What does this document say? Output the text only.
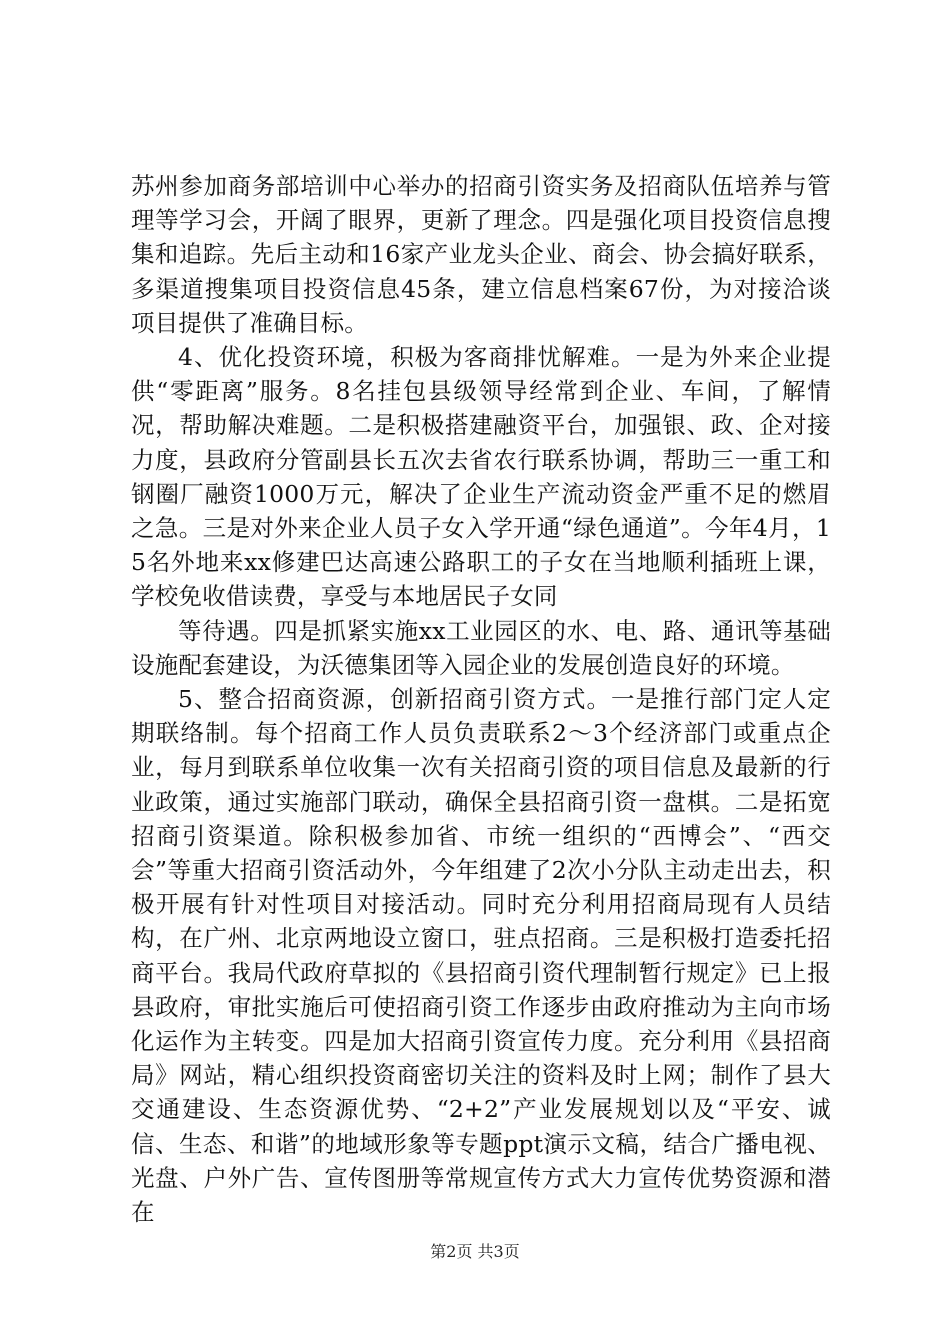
苏州参加商务部培训中心举办的招商引资实务及招商队伍培养与管理等学习会，开阔了眼界，更新了理念。四是强化项目投资信息搜集和追踪。先后主动和16家产业龙头企业、商会、协会搞好联系，多渠道搜集项目投资信息45条，建立信息档案67份，为对接洽谈项目提供了准确目标。

4、优化投资环境，积极为客商排忧解难。一是为外来企业提供“零距离”服务。8名挂包县级领导经常到企业、车间，了解情况，帮助解决难题。二是积极搭建融资平台，加强银、政、企对接力度，县政府分管副县长五次去省农行联系协调，帮助三一重工和钢圈厂融资1000万元，解决了企业生产流动资金严重不足的燃眉之急。三是对外来企业人员子女入学开通“绿色通道”。今年4月，15名外地来xx修建巴达高速公路职工的子女在当地顺利插班上课，学校免收借读费，享受与本地居民子女同

等待遇。四是抓紧实施xx工业园区的水、电、路、通讯等基础设施配套建设，为沃德集团等入园企业的发展创造良好的环境。

5、整合招商资源，创新招商引资方式。一是推行部门定人定期联络制。每个招商工作人员负责联系2～3个经济部门或重点企业，每月到联系单位收集一次有关招商引资的项目信息及最新的行业政策，通过实施部门联动，确保全县招商引资一盘棋。二是拓宽招商引资渠道。除积极参加省、市统一组织的“西博会”、“西交会”等重大招商引资活动外，今年组建了2次小分队主动走出去，积极开展有针对性项目对接活动。同时充分利用招商局现有人员结构，在广州、北京两地设立窗口，驻点招商。三是积极打造委托招商平台。我局代政府草拟的《县招商引资代理制暂行规定》已上报县政府，审批实施后可使招商引资工作逐步由政府推动为主向市场化运作为主转变。四是加大招商引资宣传力度。充分利用《县招商局》网站，精心组织投资商密切关注的资料及时上网；制作了县大交通建设、生态资源优势、“2+2”产业发展规划以及“平安、诚信、生态、和谐”的地域形象等专题ppt演示文稿，结合广播电视、光盘、户外广告、宣传图册等常规宣传方式大力宣传优势资源和潜在

第2页 共3页
